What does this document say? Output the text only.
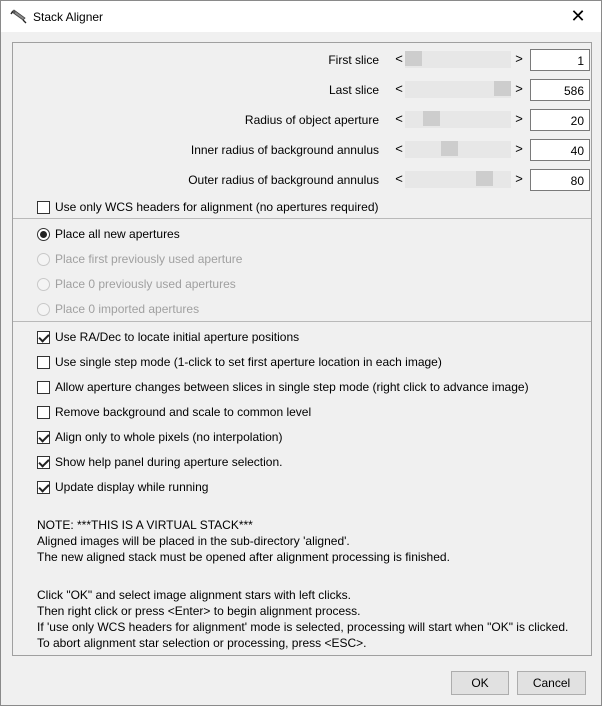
Stack Aligner	✕
First slice <	>	1
Last slice <	>	586
Radius of object aperture <	>	20
Inner radius of background annulus <	>	40
Outer radius of background annulus <	>	80
Use only WCS headers for alignment (no apertures required)
Place all new apertures
Place first previously used aperture
Place 0 previously used apertures
Place 0 imported apertures
Use RA/Dec to locate initial aperture positions
Use single step mode (1-click to set first aperture location in each image)
Allow aperture changes between slices in single step mode (right click to advance image)
Remove background and scale to common level
Align only to whole pixels (no interpolation)
Show help panel during aperture selection.
Update display while running
NOTE: ***THIS IS A VIRTUAL STACK***
Aligned images will be placed in the sub-directory 'aligned'.
The new aligned stack must be opened after alignment processing is finished.
Click "OK" and select image alignment stars with left clicks.
Then right click or press <Enter> to begin alignment process.
If 'use only WCS headers for alignment' mode is selected, processing will start when "OK" is clicked.
To abort alignment star selection or processing, press <ESC>.
OK	Cancel
